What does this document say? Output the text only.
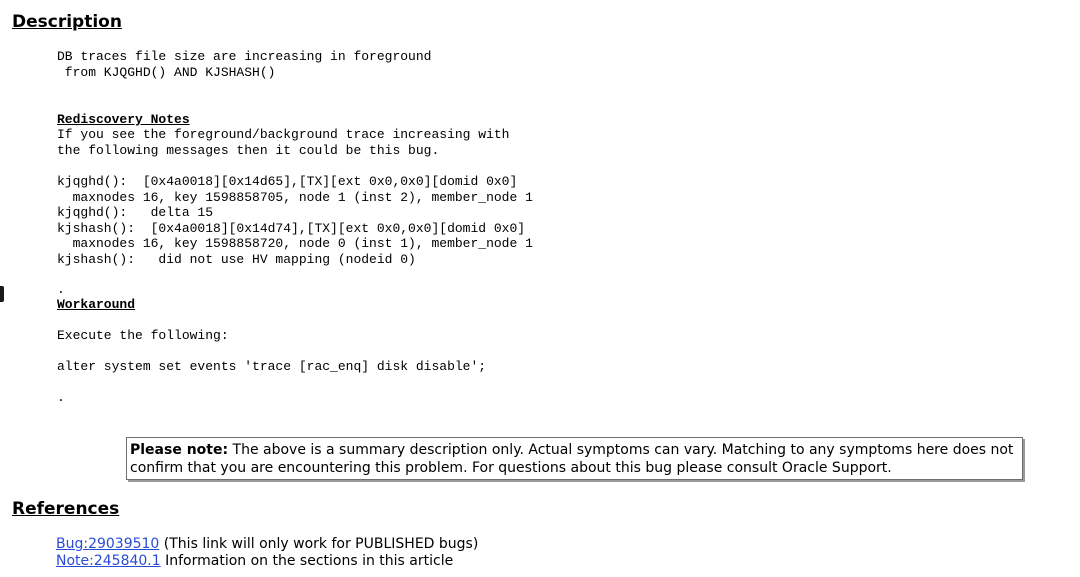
Description
DB traces file size are increasing in foreground
from KJQGHD() AND KJSHASH()
Rediscovery Notes
If you see the foreground/background trace increasing with
the following messages then it could be this bug.
kjqghd():  [0x4a0018][0x14d65],[TX][ext 0x0,0x0][domid 0x0]
maxnodes 16, key 1598858705, node 1 (inst 2), member_node 1
kjqghd():   delta 15
kjshash():  [0x4a0018][0x14d74],[TX][ext 0x0,0x0][domid 0x0]
maxnodes 16, key 1598858720, node 0 (inst 1), member_node 1
kjshash():   did not use HV mapping (nodeid 0)
.
Workaround
Execute the following:
alter system set events 'trace [rac_enq] disk disable';
.
Please note: The above is a summary description only. Actual symptoms can vary. Matching to any symptoms here does not confirm that you are encountering this problem. For questions about this bug please consult Oracle Support.
References
Bug:29039510 (This link will only work for PUBLISHED bugs)
Note:245840.1 Information on the sections in this article
